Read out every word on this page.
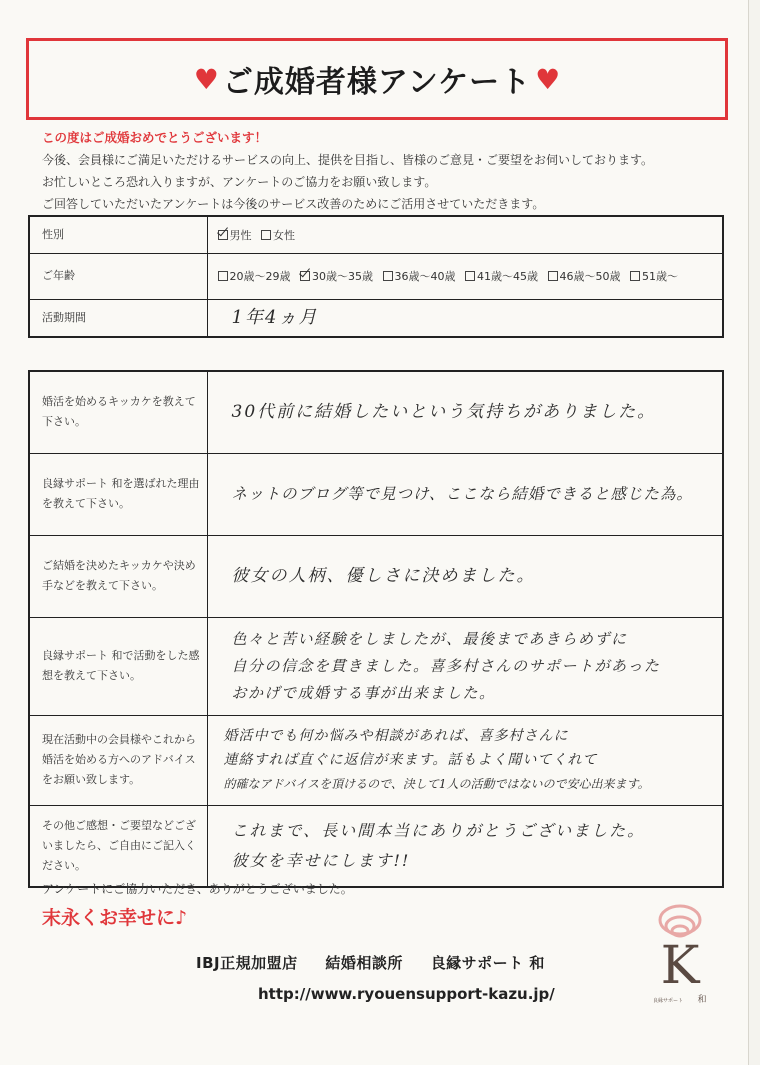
♥ ご成婚者様アンケート ♥
この度はご成婚おめでとうございます！
今後、会員様にご満足いただけるサービスの向上、提供を目指し、皆様のご意見・ご要望をお伺いしております。
お忙しいところ恐れ入りますが、アンケートのご協力をお願い致します。
ご回答していただいたアンケートは今後のサービス改善のためにご活用させていただきます。
性別	男性 女性
ご年齢	20歳～29歳 30歳～35歳 36歳～40歳 41歳～45歳 46歳～50歳 51歳～
活動期間	1年4ヵ月
婚活を始めるキッカケを教えて下さい。	30代前に結婚したいという気持ちがありました。

良縁サポート 和を選ばれた理由を教えて下さい。	ネットのブログ等で見つけ、ここなら結婚できると感じた為。

ご結婚を決めたキッカケや決め手などを教えて下さい。	彼女の人柄、優しさに決めました。

良縁サポート 和で活動をした感想を教えて下さい。	色々と苦い経験をしましたが、最後まであきらめずに
自分の信念を貫きました。喜多村さんのサポートがあった
おかげで成婚する事が出来ました。

現在活動中の会員様やこれから婚活を始める方へのアドバイスをお願い致します。	婚活中でも何か悩みや相談があれば、喜多村さんに
連絡すれば直ぐに返信が来ます。話もよく聞いてくれて
的確なアドバイスを頂けるので、決して1人の活動ではないので安心出来ます。

その他ご感想・ご要望などございましたら、ご自由にご記入ください。	これまで、長い間本当にありがとうございました。
彼女を幸せにします!!
アンケートにご協力いただき、ありがとうございました。
末永くお幸せに♪
IBJ正規加盟店 結婚相談所 良縁サポート 和
http://www.ryouensupport-kazu.jp/ K
和
良縁サポート
